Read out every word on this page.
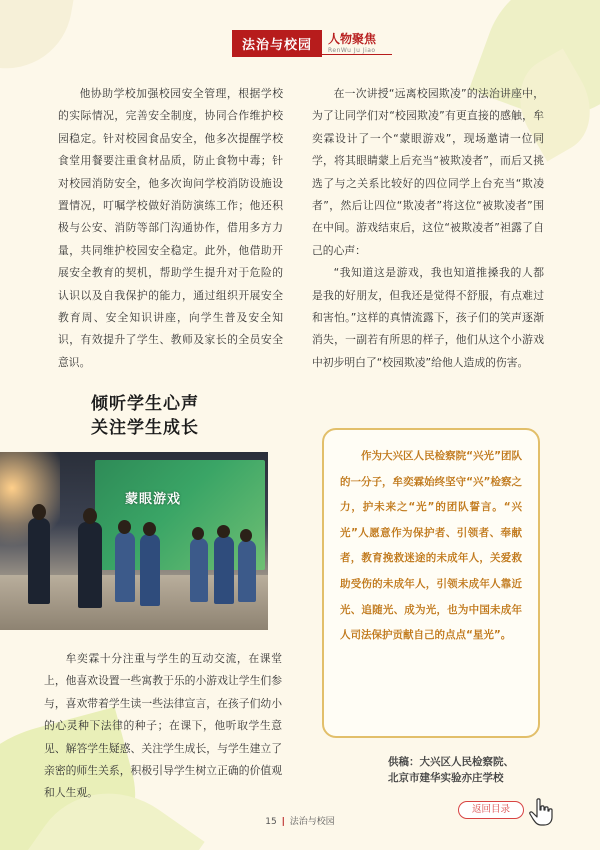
法治与校园	人物聚焦
RenWu Ju Jiao

他协助学校加强校园安全管理，根据学校的实际情况，完善安全制度，协同合作维护校园稳定。针对校园食品安全，他多次提醒学校食堂用餐要注重食材品质，防止食物中毒；针对校园消防安全，他多次询问学校消防设施设置情况，叮嘱学校做好消防演练工作；他还积极与公安、消防等部门沟通协作，借用多方力量，共同维护校园安全稳定。此外，他借助开展安全教育的契机，帮助学生提升对于危险的认识以及自我保护的能力，通过组织开展安全教育周、安全知识讲座，向学生普及安全知识，有效提升了学生、教师及家长的全员安全意识。

倾听学生心声
关注学生成长
蒙眼游戏

牟奕霖十分注重与学生的互动交流，在课堂上，他喜欢设置一些寓教于乐的小游戏让学生们参与，喜欢带着学生读一些法律宣言，在孩子们幼小的心灵种下法律的种子；在课下，他听取学生意见、解答学生疑惑、关注学生成长，与学生建立了亲密的师生关系，积极引导学生树立正确的价值观和人生观。

在一次讲授“远离校园欺凌”的法治讲座中，为了让同学们对“校园欺凌”有更直接的感触，牟奕霖设计了一个“蒙眼游戏”，现场邀请一位同学，将其眼睛蒙上后充当“被欺凌者”，而后又挑选了与之关系比较好的四位同学上台充当“欺凌者”，然后让四位“欺凌者”将这位“被欺凌者”围在中间。游戏结束后，这位“被欺凌者”袒露了自己的心声：

“我知道这是游戏，我也知道推搡我的人都是我的好朋友，但我还是觉得不舒服，有点难过和害怕。”这样的真情流露下，孩子们的笑声逐渐消失，一副若有所思的样子，他们从这个小游戏中初步明白了“校园欺凌”给他人造成的伤害。

作为大兴区人民检察院“兴光”团队的一分子，牟奕霖始终坚守“兴”检察之力，护未来之“光”的团队誓言。“兴光”人愿意作为保护者、引领者、奉献者，教育挽救迷途的未成年人，关爱救助受伤的未成年人，引领未成年人靠近光、追随光、成为光，也为中国未成年人司法保护贡献自己的点点“星光”。

供稿：大兴区人民检察院、
北京市建华实验亦庄学校
15 | 法治与校园
返回目录
